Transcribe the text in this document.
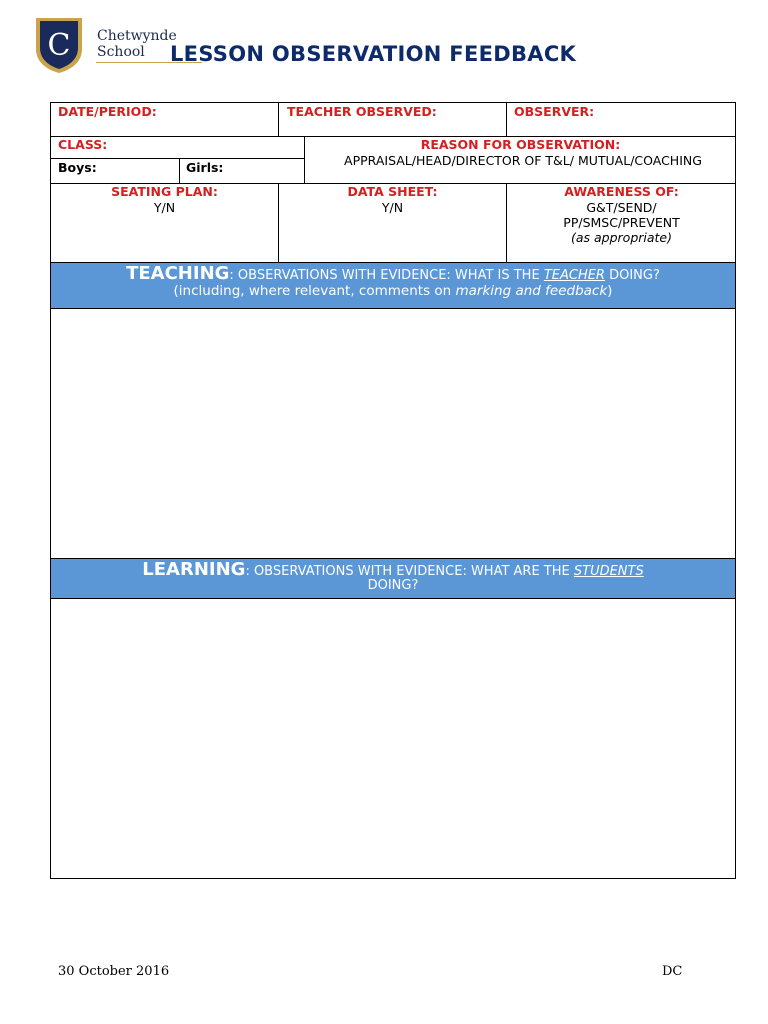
C Chetwynde
School LESSON OBSERVATION FEEDBACK
DATE/PERIOD:	TEACHER OBSERVED:	OBSERVER:
CLASS:
Boys:	Girls:
REASON FOR OBSERVATION:
APPRAISAL/HEAD/DIRECTOR OF T&L/ MUTUAL/COACHING
SEATING PLAN:
Y/N
DATA SHEET:
Y/N
AWARENESS OF:
G&T/SEND/
PP/SMSC/PREVENT
(as appropriate)
TEACHING: OBSERVATIONS WITH EVIDENCE: WHAT IS THE TEACHER DOING?
(including, where relevant, comments on marking and feedback)
LEARNING: OBSERVATIONS WITH EVIDENCE: WHAT ARE THE STUDENTS
DOING?
30 October 2016	DC
